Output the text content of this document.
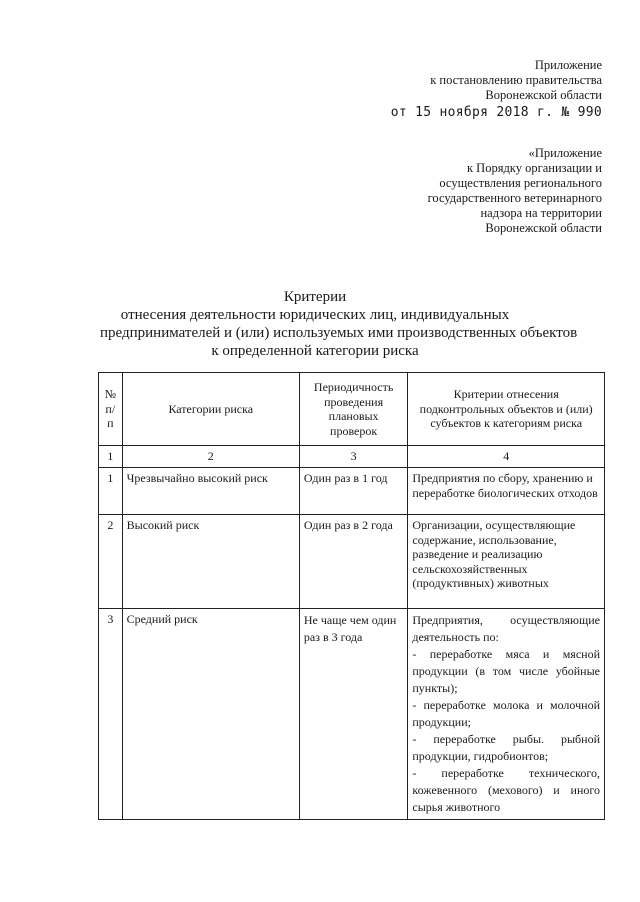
Приложение
к постановлению правительства
Воронежской области
от 15 ноября 2018 г. № 990
«Приложение
к Порядку организации и
осуществления регионального
государственного ветеринарного
надзора на территории
Воронежской области
Критерии
отнесения деятельности юридических лиц, индивидуальных
предпринимателей и (или) используемых ими производственных объектов
к определенной категории риска
№ п/п	Категории риска	Периодичность проведения плановых проверок	Критерии отнесения подконтрольных объектов и (или) субъектов к категориям риска
1	2	3	4
1	Чрезвычайно высокий риск	Один раз в 1 год	Предприятия по сбору, хранению и переработке биологических отходов

2	Высокий риск	Один раз в 2 года	Организации, осуществляющие содержание, использование, разведение и реализацию сельскохозяйственных (продуктивных) животных

3	Средний риск	Не чаще чем один раз в 3 года	Предприятия, осуществляющие деятельность по:
- переработке мяса и мясной продукции (в том числе убойные пункты);
- переработке молока и молочной продукции;
- переработке рыбы. рыбной продукции, гидробионтов;
- переработке технического, кожевенного (мехового) и иного сырья животного
